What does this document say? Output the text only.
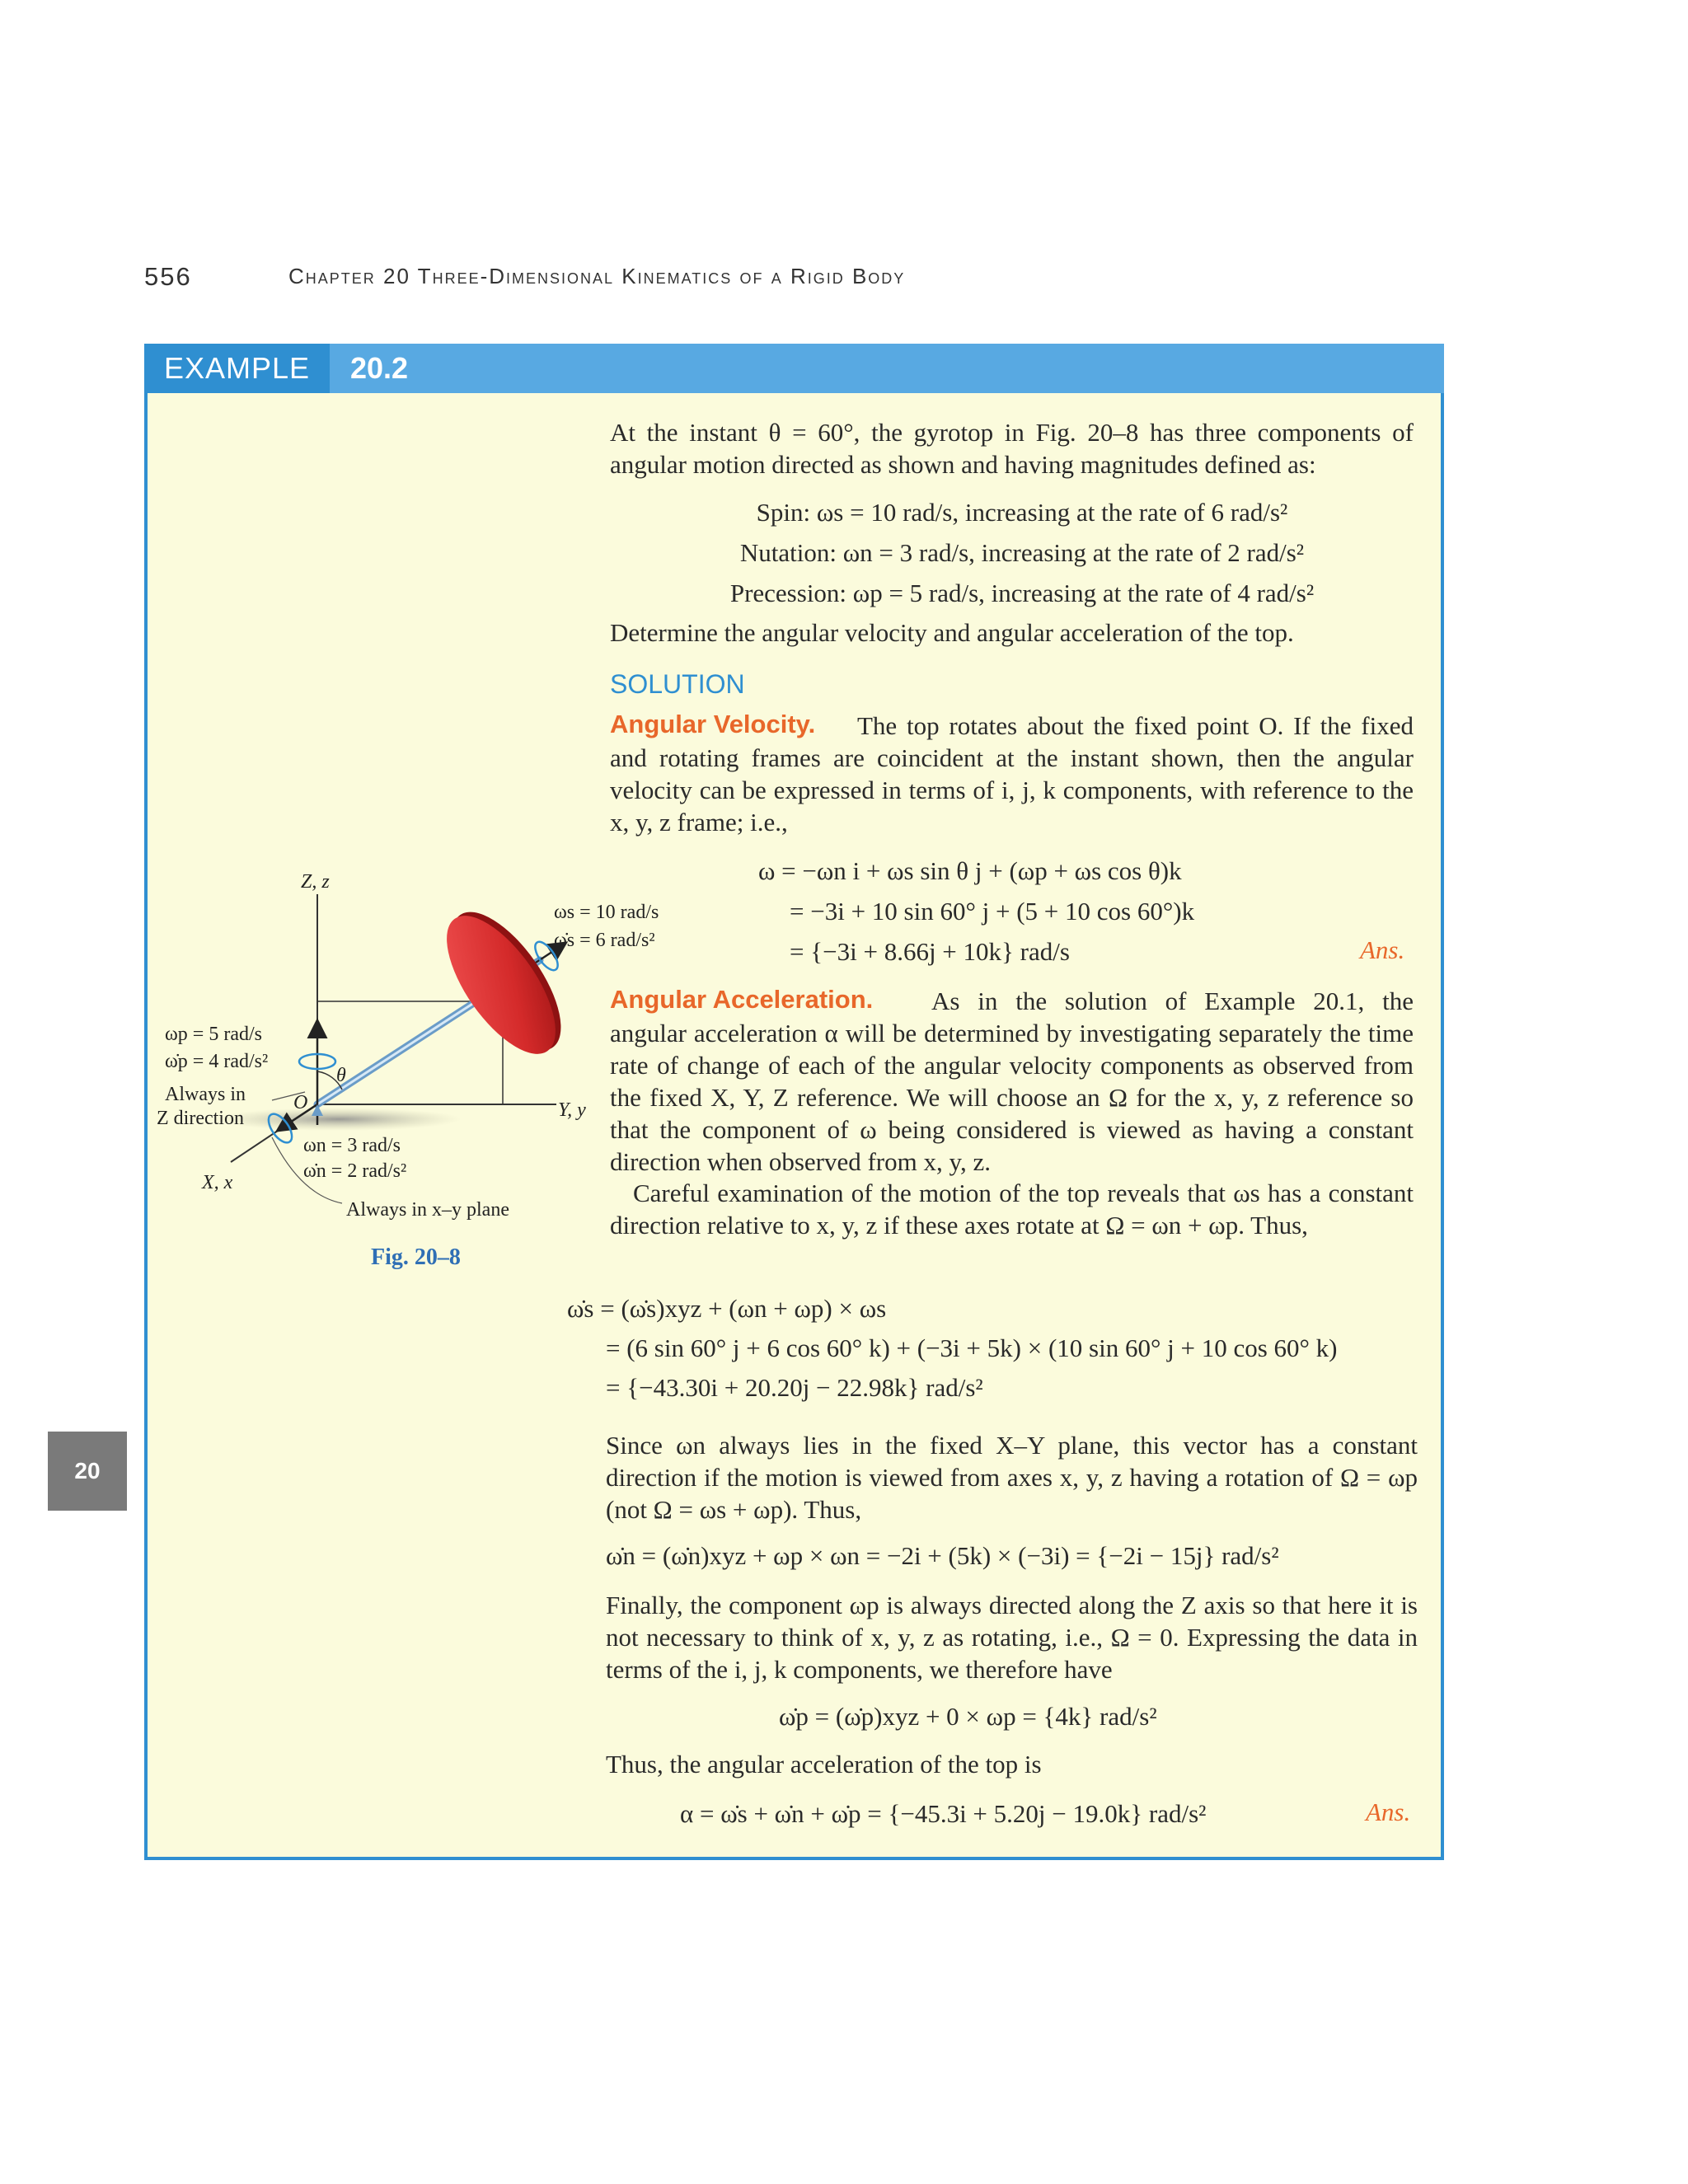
556	Chapter 20 Three-Dimensional Kinematics of a Rigid Body
EXAMPLE	20.2
At the instant θ = 60°, the gyrotop in Fig. 20–8 has three components of angular motion directed as shown and having magnitudes defined as:
Spin: ωs = 10 rad/s, increasing at the rate of 6 rad/s²
Nutation: ωn = 3 rad/s, increasing at the rate of 2 rad/s²
Precession: ωp = 5 rad/s, increasing at the rate of 4 rad/s²
Determine the angular velocity and angular acceleration of the top.
SOLUTION
The top rotates about the fixed point O. If the fixed and rotating frames are coincident at the instant shown, then the angular velocity can be expressed in terms of i, j, k components, with reference to the x, y, z frame; i.e.,
Angular Velocity.
ω = −ωn i + ωs sin θ j + (ωp + ωs cos θ)k
= −3i + 10 sin 60° j + (5 + 10 cos 60°)k
= {−3i + 8.66j + 10k} rad/s	Ans.
As in the solution of Example 20.1, the angular acceleration α will be determined by investigating separately the time rate of change of each of the angular velocity components as observed from the fixed X, Y, Z reference. We will choose an Ω for the x, y, z reference so that the component of ω being considered is viewed as having a constant direction when observed from x, y, z.
Angular Acceleration.
Careful examination of the motion of the top reveals that ωs has a constant direction relative to x, y, z if these axes rotate at Ω = ωn + ωp. Thus,
ω̇s = (ω̇s)xyz + (ωn + ωp) × ωs
= (6 sin 60° j + 6 cos 60° k) + (−3i + 5k) × (10 sin 60° j + 10 cos 60° k)
= {−43.30i + 20.20j − 22.98k} rad/s²
Since ωn always lies in the fixed X–Y plane, this vector has a constant direction if the motion is viewed from axes x, y, z having a rotation of Ω = ωp (not Ω = ωs + ωp). Thus,
ω̇n = (ω̇n)xyz + ωp × ωn = −2i + (5k) × (−3i) = {−2i − 15j} rad/s²
Finally, the component ωp is always directed along the Z axis so that here it is not necessary to think of x, y, z as rotating, i.e., Ω = 0. Expressing the data in terms of the i, j, k components, we therefore have
ω̇p = (ω̇p)xyz + 0 × ωp = {4k} rad/s²
Thus, the angular acceleration of the top is
α = ω̇s + ω̇n + ω̇p = {−45.3i + 5.20j − 19.0k} rad/s²	Ans.
Z, z
Y, y
X, x
O
θ
ωs = 10 rad/s
ω̇s = 6 rad/s²
ωp = 5 rad/s
ω̇p = 4 rad/s²
Always in
Z direction
ωn = 3 rad/s
ω̇n = 2 rad/s²
Always in x–y plane
Fig. 20–8
20
